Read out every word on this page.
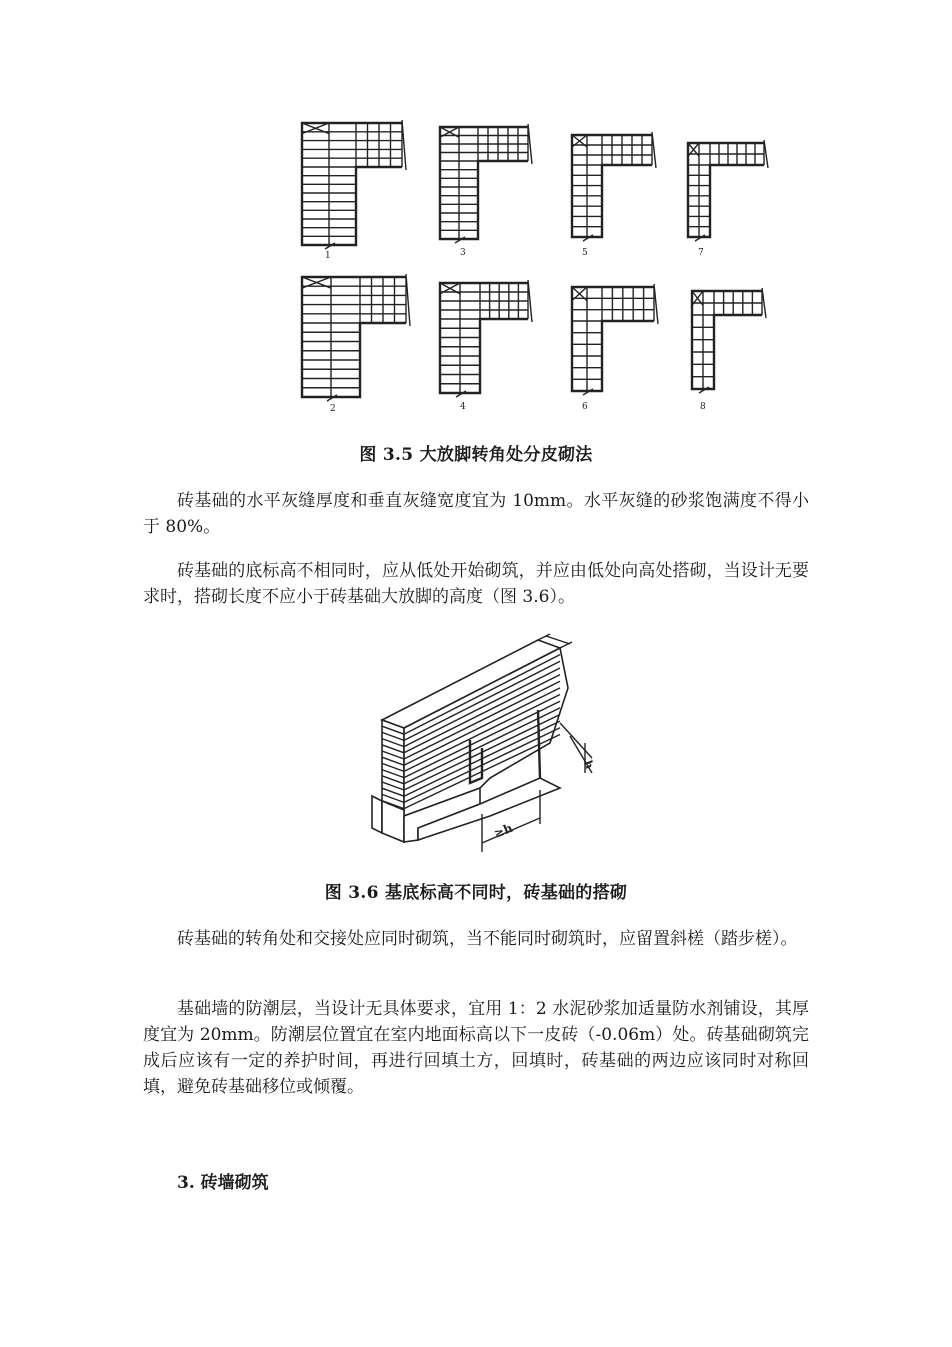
1	3	5	7
2	4	6	8
图 3.5 大放脚转角处分皮砌法

砖基础的水平灰缝厚度和垂直灰缝宽度宜为 10mm。水平灰缝的砂浆饱满度不得小于 80%。

砖基础的底标高不相同时，应从低处开始砌筑，并应由低处向高处搭砌，当设计无要求时，搭砌长度不应小于砖基础大放脚的高度（图 3.6）。

h
≥h
图 3.6 基底标高不同时，砖基础的搭砌

砖基础的转角处和交接处应同时砌筑，当不能同时砌筑时，应留置斜槎（踏步槎）。

基础墙的防潮层，当设计无具体要求，宜用 1：2 水泥砂浆加适量防水剂铺设，其厚度宜为 20mm。防潮层位置宜在室内地面标高以下一皮砖（-0.06m）处。砖基础砌筑完成后应该有一定的养护时间，再进行回填土方，回填时，砖基础的两边应该同时对称回填，避免砖基础移位或倾覆。

3. 砖墙砌筑
